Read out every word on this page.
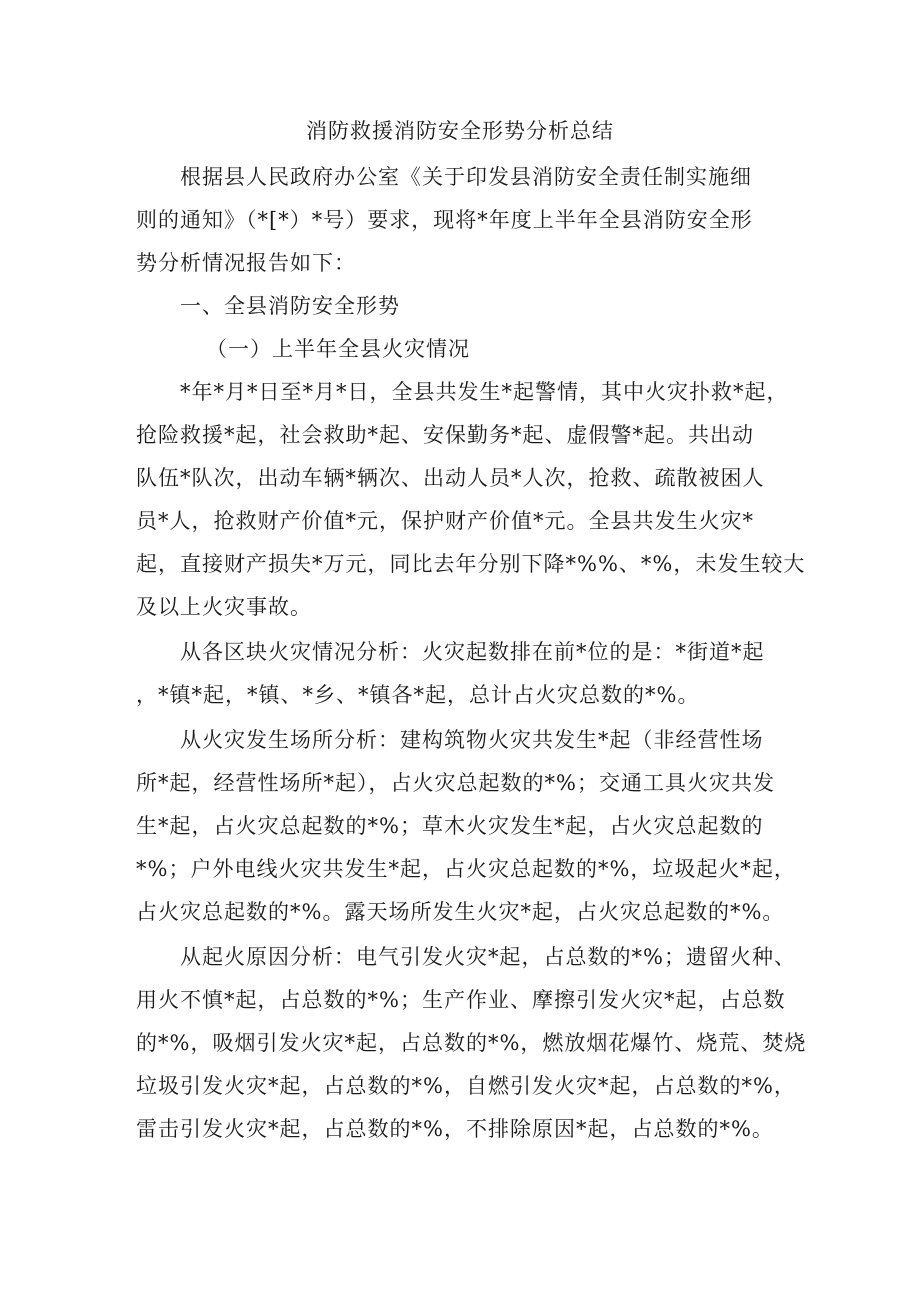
消防救援消防安全形势分析总结
根据县人民政府办公室《关于印发县消防安全责任制实施细
则的通知》（*[*）*号）要求，现将*年度上半年全县消防安全形
势分析情况报告如下：
一、全县消防安全形势
（一）上半年全县火灾情况
*年*月*日至*月*日，全县共发生*起警情，其中火灾扑救*起，
抢险救援*起，社会救助*起、安保勤务*起、虚假警*起。共出动
队伍*队次，出动车辆*辆次、出动人员*人次，抢救、疏散被困人
员*人，抢救财产价值*元，保护财产价值*元。全县共发生火灾*
起，直接财产损失*万元，同比去年分别下降*%%、*%，未发生较大
及以上火灾事故。
从各区块火灾情况分析：火灾起数排在前*位的是：*街道*起
，*镇*起，*镇、*乡、*镇各*起，总计占火灾总数的*%。
从火灾发生场所分析：建构筑物火灾共发生*起（非经营性场
所*起，经营性场所*起），占火灾总起数的*%；交通工具火灾共发
生*起，占火灾总起数的*%；草木火灾发生*起，占火灾总起数的
*%；户外电线火灾共发生*起，占火灾总起数的*%，垃圾起火*起，
占火灾总起数的*%。露天场所发生火灾*起，占火灾总起数的*%。
从起火原因分析：电气引发火灾*起，占总数的*%；遗留火种、
用火不慎*起，占总数的*%；生产作业、摩擦引发火灾*起，占总数
的*%，吸烟引发火灾*起，占总数的*%，燃放烟花爆竹、烧荒、焚烧
垃圾引发火灾*起，占总数的*%，自燃引发火灾*起，占总数的*%，
雷击引发火灾*起，占总数的*%，不排除原因*起，占总数的*%。
